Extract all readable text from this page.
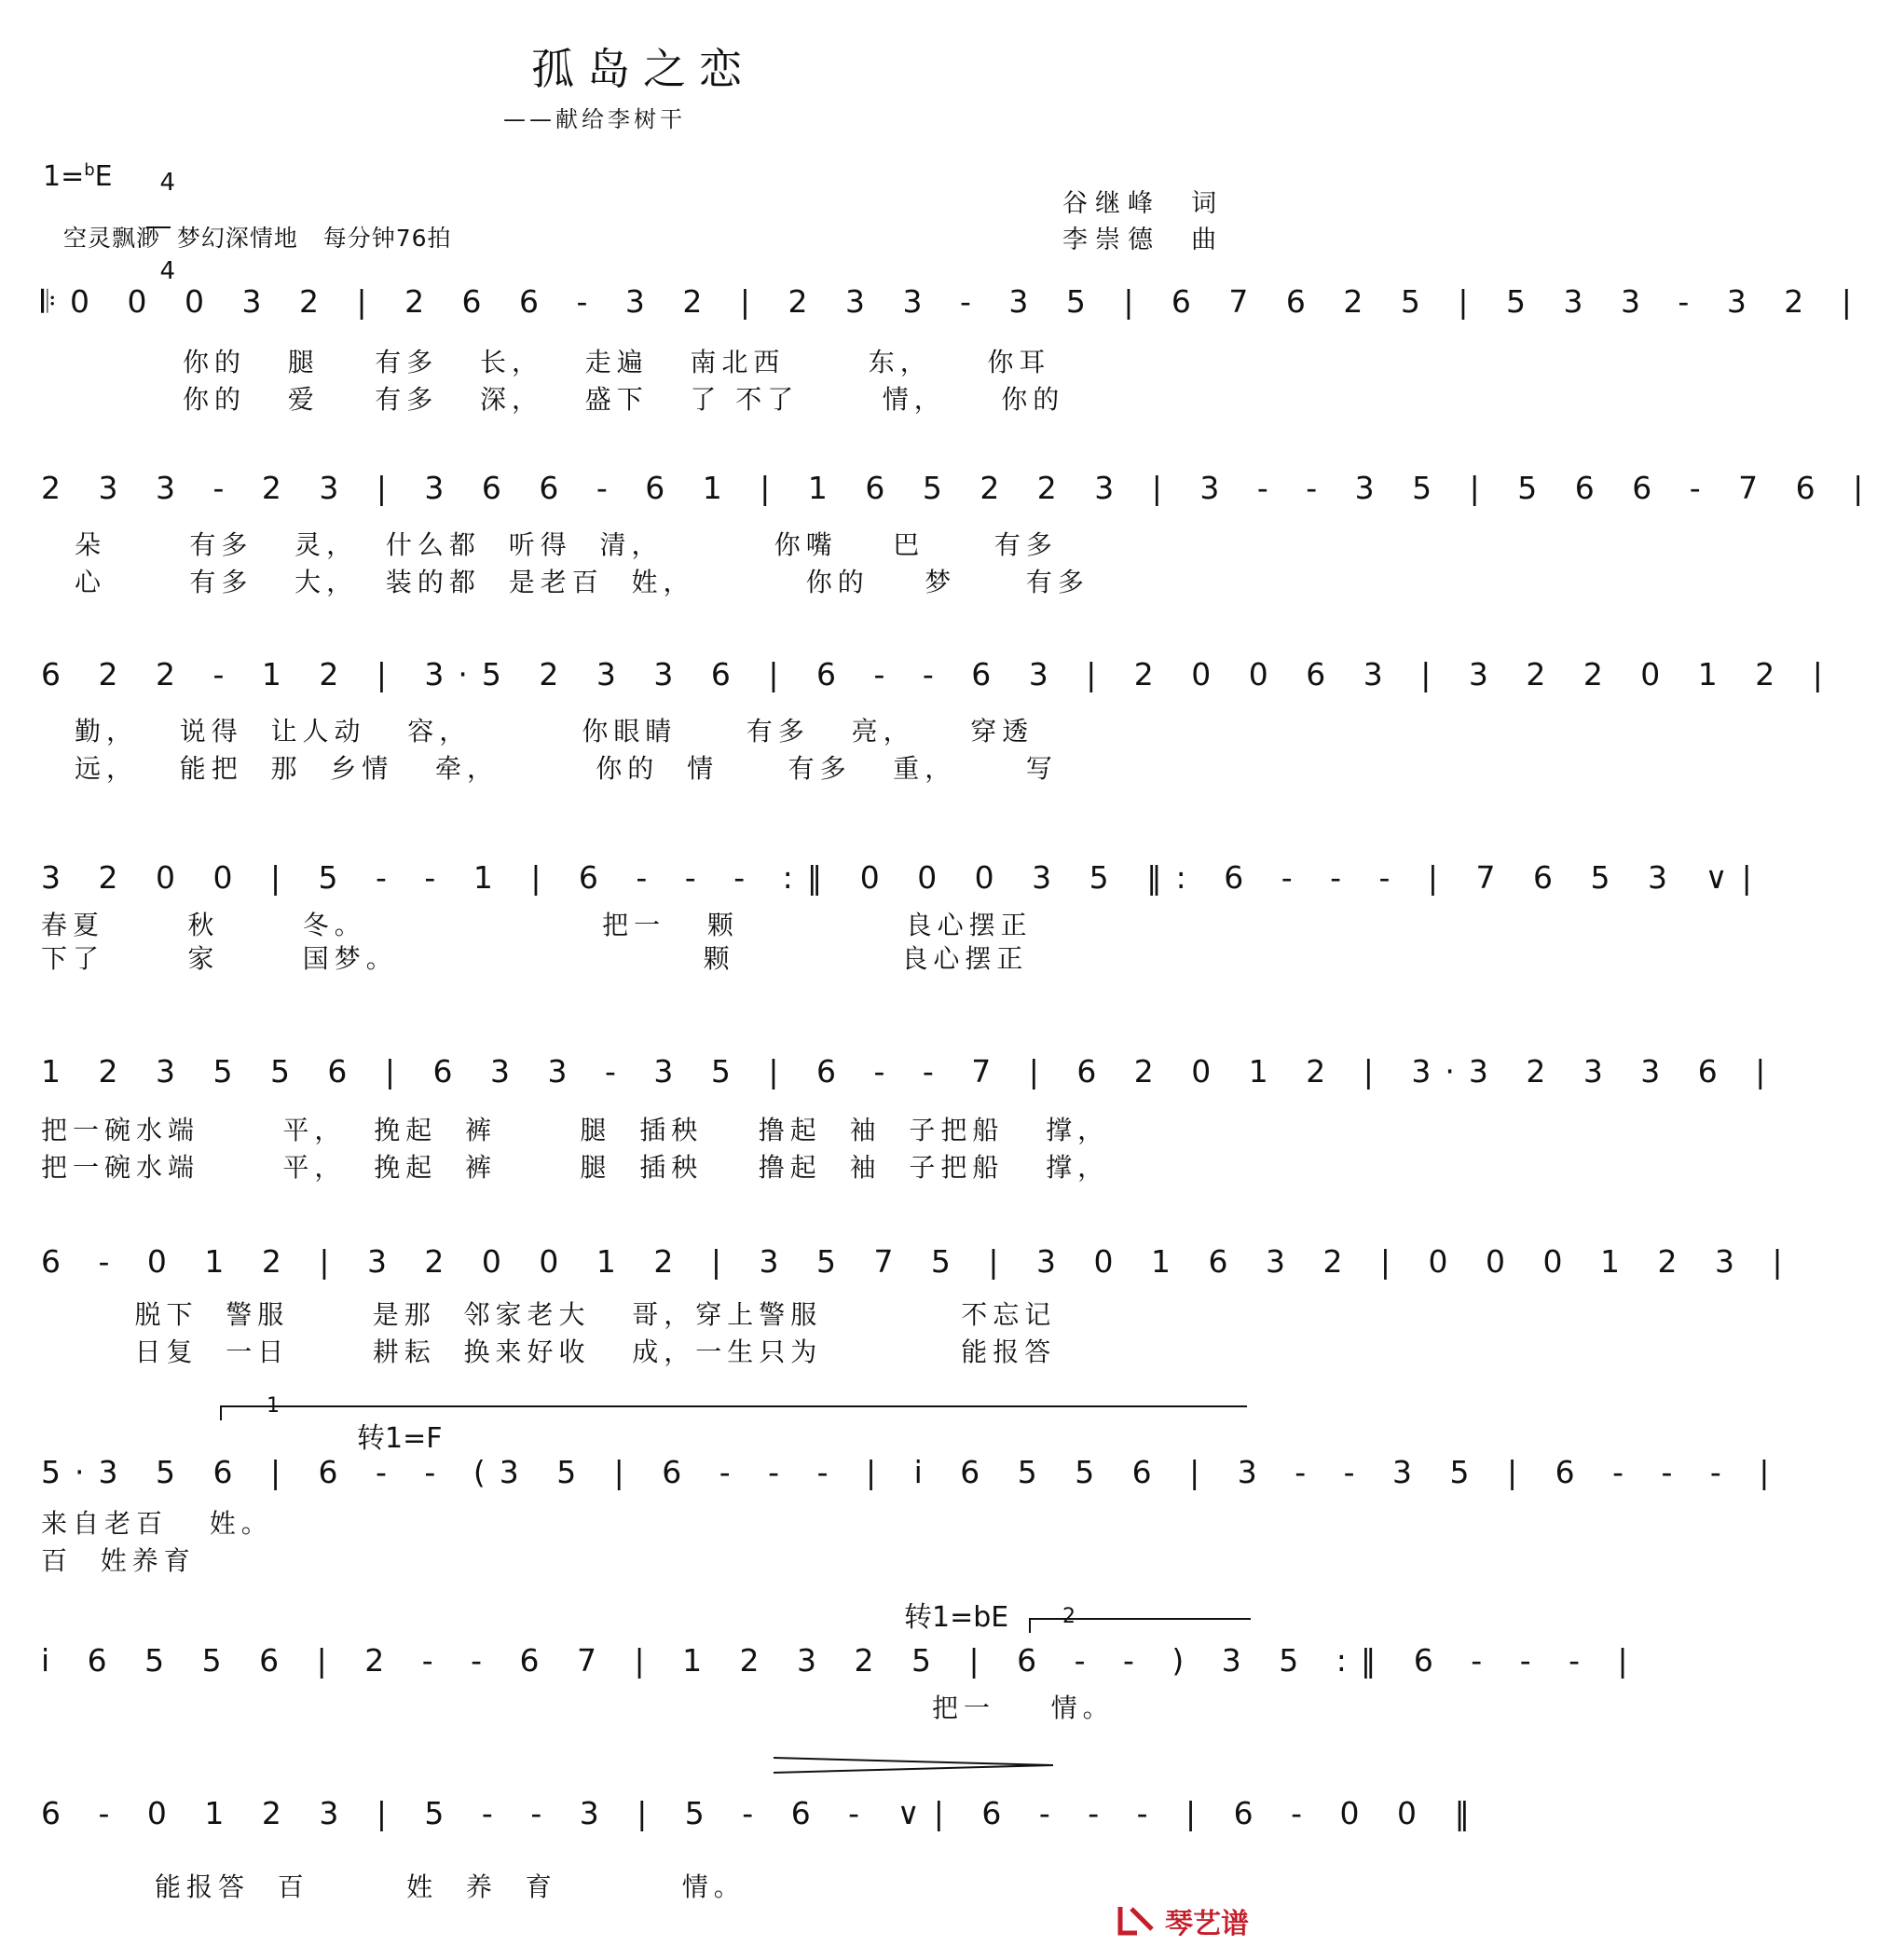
孤岛之恋
——献给李树干
1=$^b$E	4

4

空灵飘渺  梦幻深情地   每分钟76拍
谷继峰  词
李崇德  曲
𝄆0 0 0 3 2 | 2 6 6 - 3 2 | 2 3 3 - 3 5 | 6 7 6 2 5 | 5 3 3 - 3 2 |
你的   腿    有多   长，   走遍   南北西      东，    你耳
你的   爱    有多   深，   盛下   了 不了      情，    你的
2 3 3 - 2 3 | 3 6 6 - 6 1 | 1 6 5 2 2 3 | 3 - - 3 5 | 5 6 6 - 7 6 |
朵      有多   灵，  什么都  听得  清，        你嘴    巴     有多
心      有多   大，  装的都  是老百  姓，        你的    梦     有多
6 2 2 - 1 2 | 3·5 2 3 3 6 | 6 - - 6 3 | 2 0 0 6 3 | 3 2 2 0 1 2 |
勤，   说得  让人动   容，        你眼睛     有多   亮，    穿透
远，   能把  那  乡情   牵，       你的  情     有多   重，     写
3 2 0 0 | 5 - - 1 | 6 - - - :‖ 0 0 0 3 5 ‖: 6 - - - | 7 6 5 3 ∨|
春夏      秋      冬。                 把一   颗            良心摆正
下了      家      国梦。                      颗            良心摆正
1 2 3 5 5 6 | 6 3 3 - 3 5 | 6 - - 7 | 6 2 0 1 2 | 3·3 2 3 3 6 |
把一碗水端      平，  挽起  裤      腿  插秧    撸起  袖  子把船   撑，
把一碗水端      平，  挽起  裤      腿  插秧    撸起  袖  子把船   撑，
6 - 0 1 2 | 3 2 0 0 1 2 | 3 5 7 5 | 3 0 1 6 3 2 | 0 0 0 1 2 3 |
脱下  警服      是那  邻家老大   哥，穿上警服          不忘记
日复  一日      耕耘  换来好收   成，一生只为          能报答
1
转1=F
5·3 5 6 | 6 - - (3 5 | 6 - - - | i 6 5 5 6 | 3 - - 3 5 | 6 - - - |
来自老百   姓。
百  姓养育
转1=bE	2
i 6 5 5 6 | 2 - - 6 7 | 1 2 3 2 5 | 6 - - ) 3 5 :‖ 6 - - - |
把一    情。
6 - 0 1 2 3 | 5 - - 3 | 5 - 6 - ∨| 6 - - - | 6 - 0 0 ‖
能报答  百       姓  养  育         情。
琴艺谱
